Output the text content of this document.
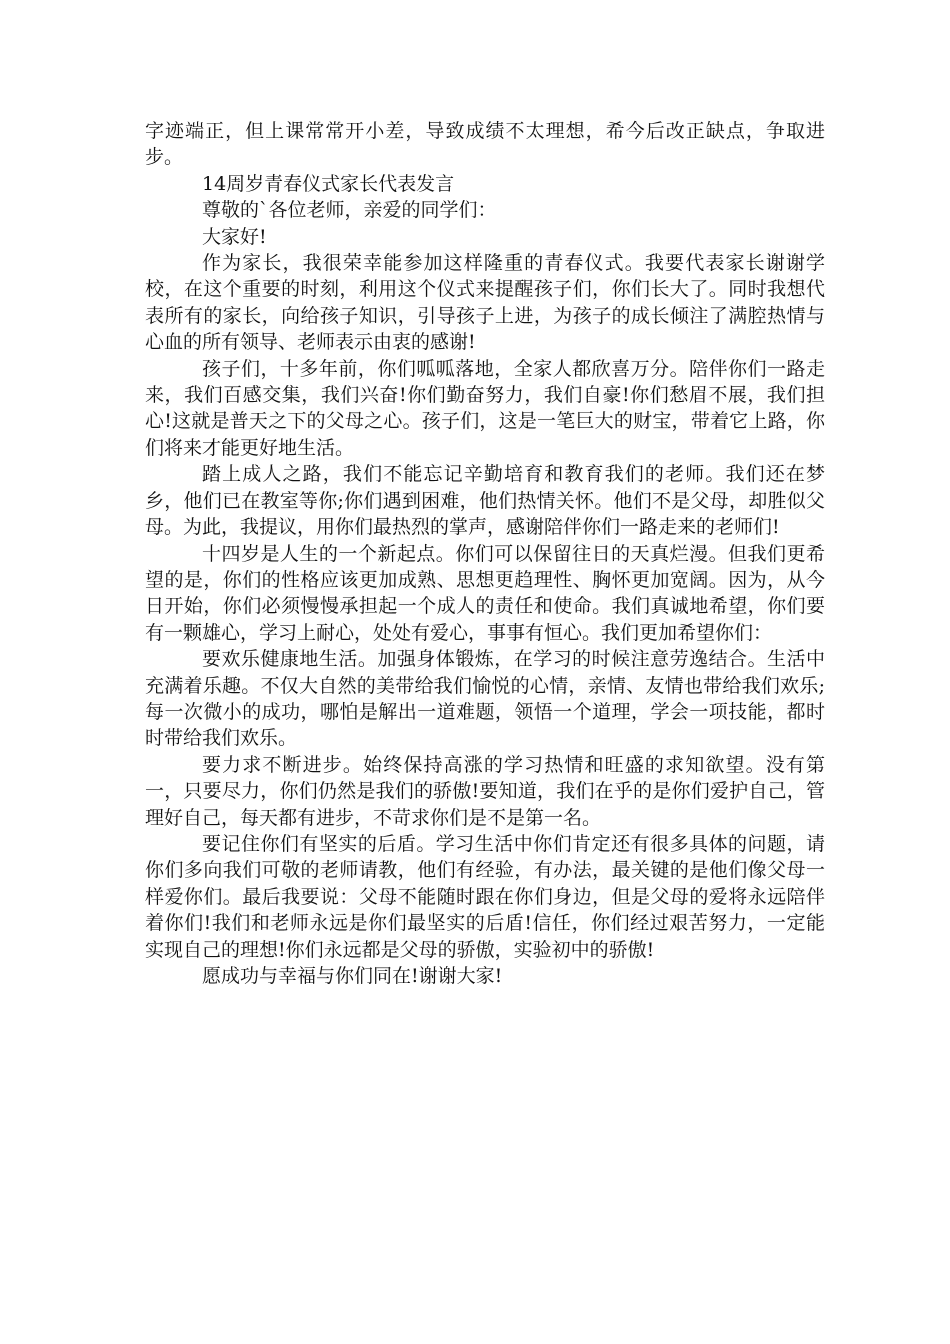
字迹端正，但上课常常开小差，导致成绩不太理想，希今后改正缺点，争取进步。

14周岁青春仪式家长代表发言

尊敬的`各位老师，亲爱的同学们：

大家好!

作为家长，我很荣幸能参加这样隆重的青春仪式。我要代表家长谢谢学校，在这个重要的时刻，利用这个仪式来提醒孩子们，你们长大了。同时我想代表所有的家长，向给孩子知识，引导孩子上进，为孩子的成长倾注了满腔热情与心血的所有领导、老师表示由衷的感谢!

孩子们，十多年前，你们呱呱落地，全家人都欣喜万分。陪伴你们一路走来，我们百感交集，我们兴奋!你们勤奋努力，我们自豪!你们愁眉不展，我们担心!这就是普天之下的父母之心。孩子们，这是一笔巨大的财宝，带着它上路，你们将来才能更好地生活。

踏上成人之路，我们不能忘记辛勤培育和教育我们的老师。我们还在梦乡，他们已在教室等你;你们遇到困难，他们热情关怀。他们不是父母，却胜似父母。为此，我提议，用你们最热烈的掌声，感谢陪伴你们一路走来的老师们!

十四岁是人生的一个新起点。你们可以保留往日的天真烂漫。但我们更希望的是，你们的性格应该更加成熟、思想更趋理性、胸怀更加宽阔。因为，从今日开始，你们必须慢慢承担起一个成人的责任和使命。我们真诚地希望，你们要有一颗雄心，学习上耐心，处处有爱心，事事有恒心。我们更加希望你们：

要欢乐健康地生活。加强身体锻炼，在学习的时候注意劳逸结合。生活中充满着乐趣。不仅大自然的美带给我们愉悦的心情，亲情、友情也带给我们欢乐;每一次微小的成功，哪怕是解出一道难题，领悟一个道理，学会一项技能，都时时带给我们欢乐。

要力求不断进步。始终保持高涨的学习热情和旺盛的求知欲望。没有第一，只要尽力，你们仍然是我们的骄傲!要知道，我们在乎的是你们爱护自己，管理好自己，每天都有进步，不苛求你们是不是第一名。

要记住你们有坚实的后盾。学习生活中你们肯定还有很多具体的问题，请你们多向我们可敬的老师请教，他们有经验，有办法，最关键的是他们像父母一样爱你们。最后我要说：父母不能随时跟在你们身边，但是父母的爱将永远陪伴着你们!我们和老师永远是你们最坚实的后盾!信任，你们经过艰苦努力，一定能实现自己的理想!你们永远都是父母的骄傲，实验初中的骄傲!

愿成功与幸福与你们同在!谢谢大家!
